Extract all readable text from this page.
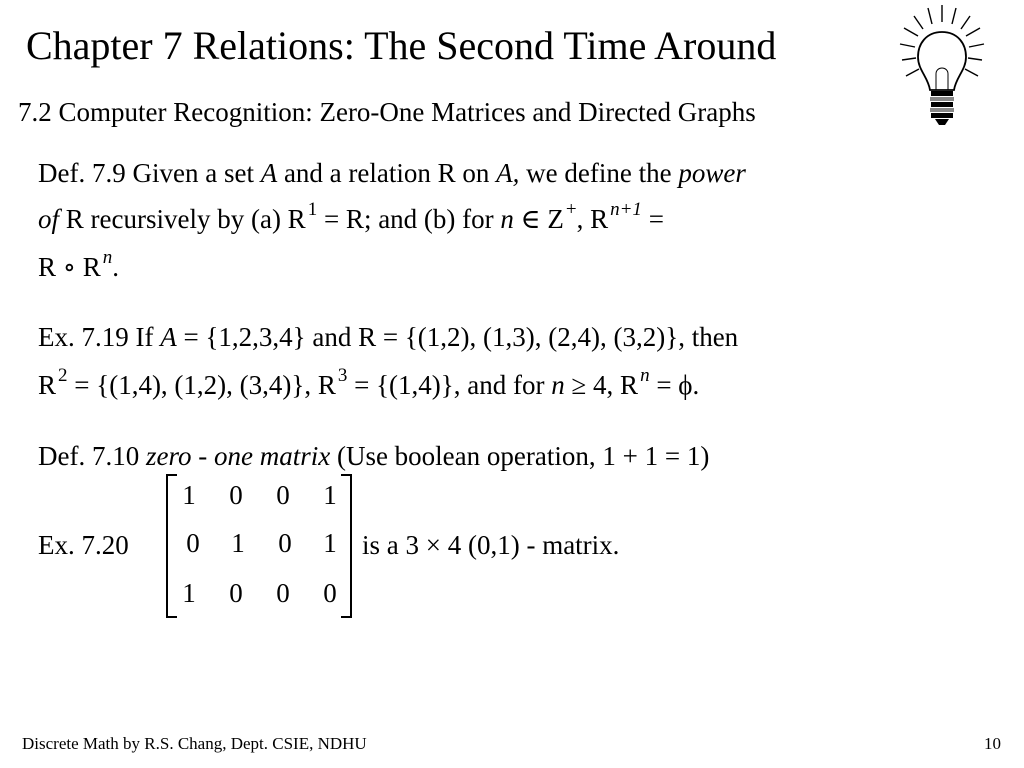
Chapter 7 Relations: The Second Time Around
7.2 Computer Recognition: Zero-One Matrices and Directed Graphs
Def. 7.9 Given a set A and a relation R on A, we define the power
of R recursively by (a) R $^1$ = R; and (b) for n ∈ Z +, R $^{n+1}$ =
R ∘ R $^n$.
Ex. 7.19 If A = {1,2,3,4} and R = {(1,2), (1,3), (2,4), (3,2)}, then
R $^2$ = {(1,4), (1,2), (3,4)}, R $^3$ = {(1,4)}, and for n ≥ 4, R $^n$ = ϕ.
Def. 7.10 zero - one matrix (Use boolean operation, 1 + 1 = 1)
Ex. 7.20
1	0	0	1
0	1	0	1
1	0	0	0
is a 3 × 4 (0,1) - matrix.
Discrete Math by R.S. Chang, Dept. CSIE, NDHU	10
